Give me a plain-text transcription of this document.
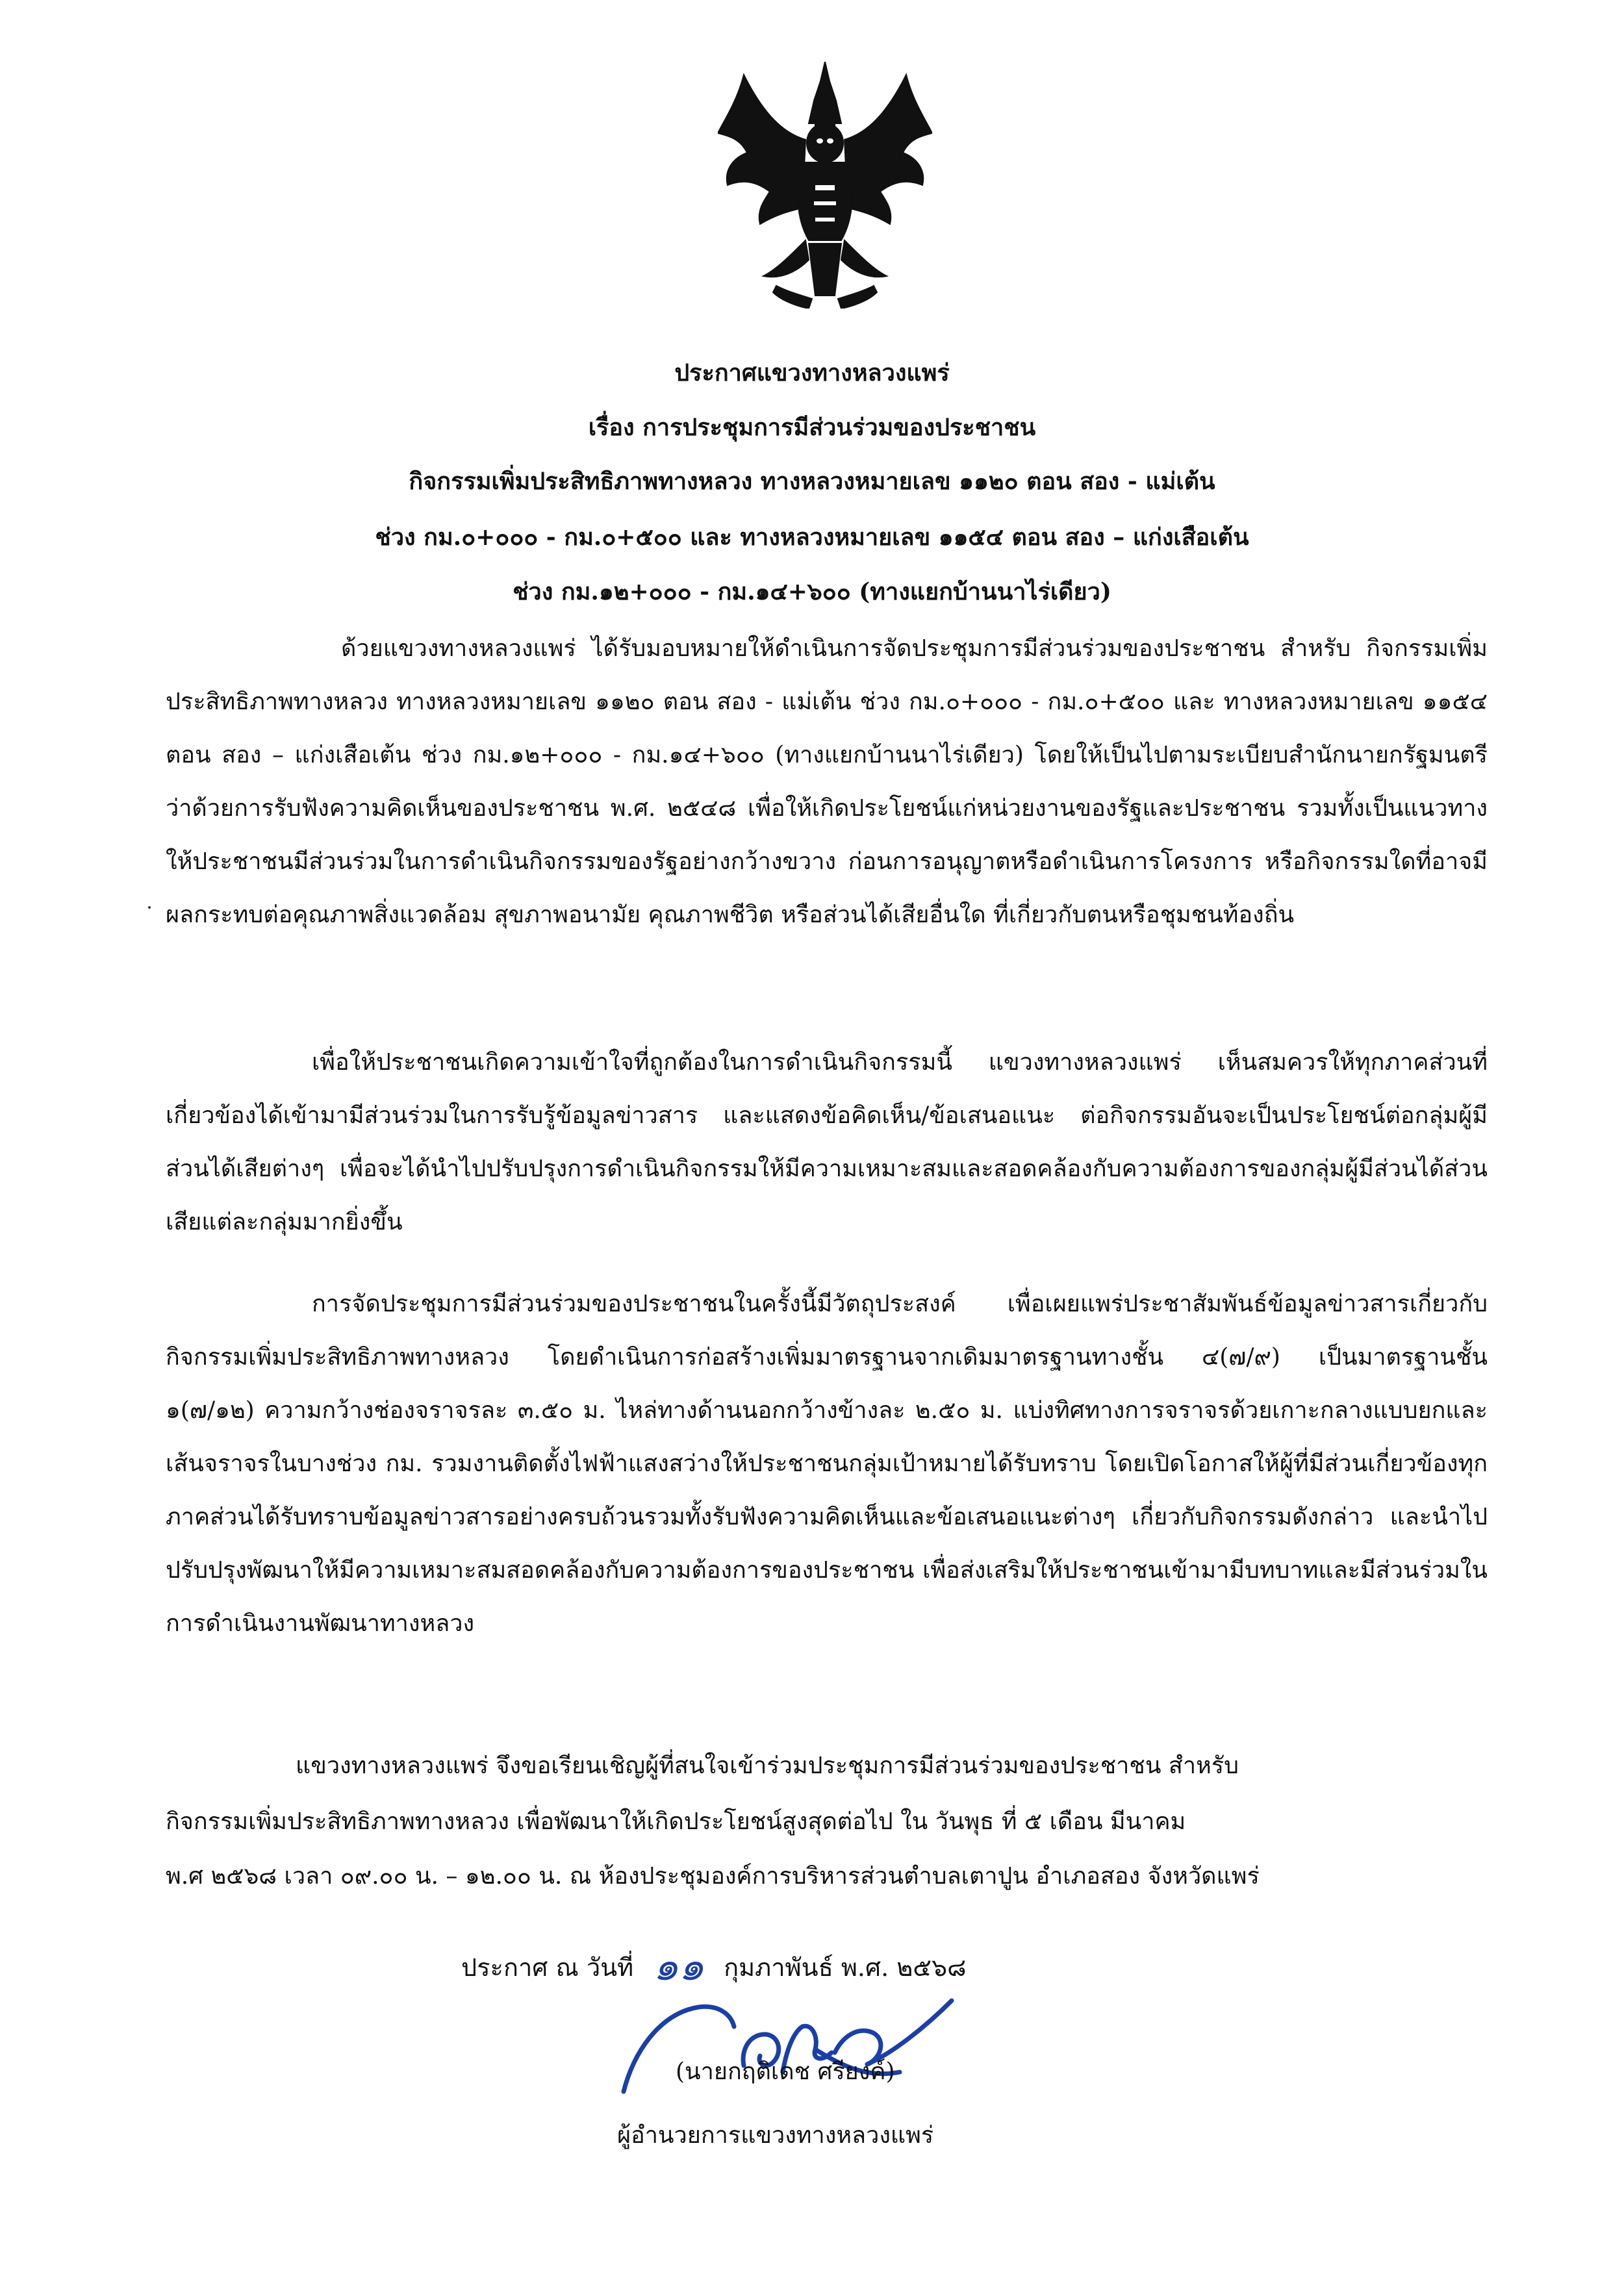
ประกาศแขวงทางหลวงแพร่
เรื่อง การประชุมการมีส่วนร่วมของประชาชน
กิจกรรมเพิ่มประสิทธิภาพทางหลวง ทางหลวงหมายเลข ๑๑๒๐ ตอน สอง - แม่เต้น
ช่วง กม.๐+๐๐๐ - กม.๐+๕๐๐ และ ทางหลวงหมายเลข ๑๑๕๔ ตอน สอง – แก่งเสือเต้น
ช่วง กม.๑๒+๐๐๐ - กม.๑๔+๖๐๐ (ทางแยกบ้านนาไร่เดียว)
ด้วยแขวงทางหลวงแพร่ ได้รับมอบหมายให้ดำเนินการจัดประชุมการมีส่วนร่วมของประชาชน สำหรับ กิจกรรมเพิ่มประสิทธิภาพทางหลวง ทางหลวงหมายเลข ๑๑๒๐ ตอน สอง - แม่เต้น ช่วง กม.๐+๐๐๐ - กม.๐+๕๐๐ และ ทางหลวงหมายเลข ๑๑๕๔ ตอน สอง – แก่งเสือเต้น ช่วง กม.๑๒+๐๐๐ - กม.๑๔+๖๐๐ (ทางแยกบ้านนาไร่เดียว) โดยให้เป็นไปตามระเบียบสำนักนายกรัฐมนตรี ว่าด้วยการรับฟังความคิดเห็นของประชาชน พ.ศ. ๒๕๔๘ เพื่อให้เกิดประโยชน์แก่หน่วยงานของรัฐและประชาชน รวมทั้งเป็นแนวทางให้ประชาชนมีส่วนร่วมในการดำเนินกิจกรรมของรัฐอย่างกว้างขวาง ก่อนการอนุญาตหรือดำเนินการโครงการ หรือกิจกรรมใดที่อาจมีผลกระทบต่อคุณภาพสิ่งแวดล้อม สุขภาพอนามัย คุณภาพชีวิต หรือส่วนได้เสียอื่นใด ที่เกี่ยวกับตนหรือชุมชนท้องถิ่น
เพื่อให้ประชาชนเกิดความเข้าใจที่ถูกต้องในการดำเนินกิจกรรมนี้ แขวงทางหลวงแพร่ เห็นสมควรให้ทุกภาคส่วนที่เกี่ยวข้องได้เข้ามามีส่วนร่วมในการรับรู้ข้อมูลข่าวสาร และแสดงข้อคิดเห็น/ข้อเสนอแนะ ต่อกิจกรรมอันจะเป็นประโยชน์ต่อกลุ่มผู้มีส่วนได้เสียต่างๆ เพื่อจะได้นำไปปรับปรุงการดำเนินกิจกรรมให้มีความเหมาะสมและสอดคล้องกับความต้องการของกลุ่มผู้มีส่วนได้ส่วนเสียแต่ละกลุ่มมากยิ่งขึ้น
การจัดประชุมการมีส่วนร่วมของประชาชนในครั้งนี้มีวัตถุประสงค์ เพื่อเผยแพร่ประชาสัมพันธ์ข้อมูลข่าวสารเกี่ยวกับกิจกรรมเพิ่มประสิทธิภาพทางหลวง โดยดำเนินการก่อสร้างเพิ่มมาตรฐานจากเดิมมาตรฐานทางชั้น ๔(๗/๙) เป็นมาตรฐานชั้น ๑(๗/๑๒) ความกว้างช่องจราจรละ ๓.๕๐ ม. ไหล่ทางด้านนอกกว้างข้างละ ๒.๕๐ ม. แบ่งทิศทางการจราจรด้วยเกาะกลางแบบยกและเส้นจราจรในบางช่วง กม. รวมงานติดตั้งไฟฟ้าแสงสว่างให้ประชาชนกลุ่มเป้าหมายได้รับทราบ โดยเปิดโอกาสให้ผู้ที่มีส่วนเกี่ยวข้องทุกภาคส่วนได้รับทราบข้อมูลข่าวสารอย่างครบถ้วนรวมทั้งรับฟังความคิดเห็นและข้อเสนอแนะต่างๆ เกี่ยวกับกิจกรรมดังกล่าว และนำไปปรับปรุงพัฒนาให้มีความเหมาะสมสอดคล้องกับความต้องการของประชาชน เพื่อส่งเสริมให้ประชาชนเข้ามามีบทบาทและมีส่วนร่วมในการดำเนินงานพัฒนาทางหลวง
แขวงทางหลวงแพร่ จึงขอเรียนเชิญผู้ที่สนใจเข้าร่วมประชุมการมีส่วนร่วมของประชาชน สำหรับ
กิจกรรมเพิ่มประสิทธิภาพทางหลวง เพื่อพัฒนาให้เกิดประโยชน์สูงสุดต่อไป ใน วันพุธ ที่ ๕ เดือน มีนาคม
พ.ศ ๒๕๖๘ เวลา ๐๙.๐๐ น. – ๑๒.๐๐ น. ณ ห้องประชุมองค์การบริหารส่วนตำบลเตาปูน อำเภอสอง จังหวัดแพร่
ประกาศ ณ วันที่ ๑๑ กุมภาพันธ์ พ.ศ. ๒๕๖๘
(นายกฤติเดช ศรียงค์)
ผู้อำนวยการแขวงทางหลวงแพร่
